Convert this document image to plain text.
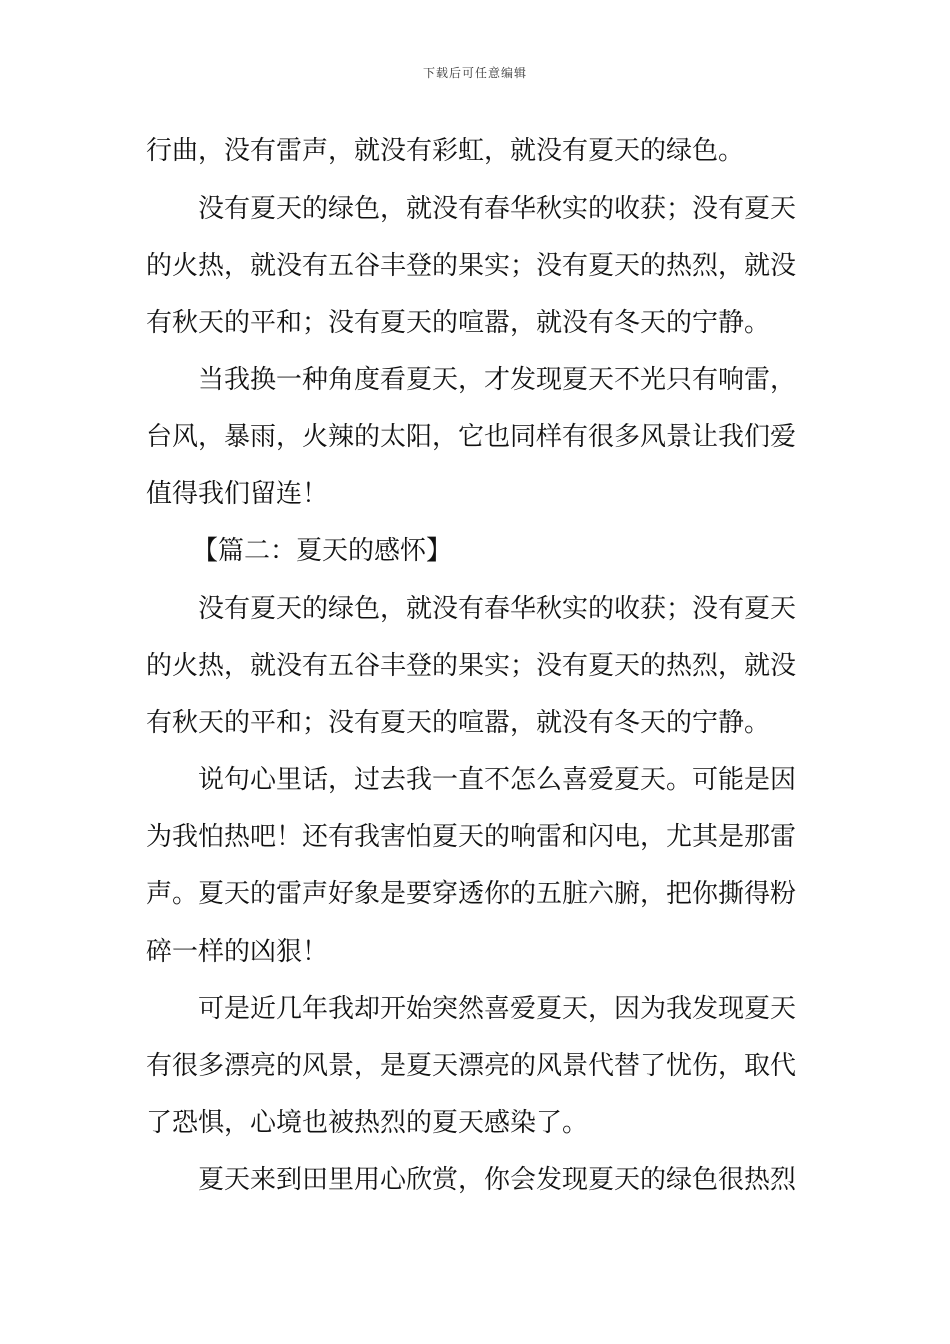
下载后可任意编辑
行曲，没有雷声，就没有彩虹，就没有夏天的绿色。
没有夏天的绿色，就没有春华秋实的收获；没有夏天
的火热，就没有五谷丰登的果实；没有夏天的热烈，就没
有秋天的平和；没有夏天的喧嚣，就没有冬天的宁静。
当我换一种角度看夏天，才发现夏天不光只有响雷，
台风，暴雨，火辣的太阳，它也同样有很多风景让我们爱
值得我们留连！
【篇二：夏天的感怀】
没有夏天的绿色，就没有春华秋实的收获；没有夏天
的火热，就没有五谷丰登的果实；没有夏天的热烈，就没
有秋天的平和；没有夏天的喧嚣，就没有冬天的宁静。
说句心里话，过去我一直不怎么喜爱夏天。可能是因
为我怕热吧！还有我害怕夏天的响雷和闪电，尤其是那雷
声。夏天的雷声好象是要穿透你的五脏六腑，把你撕得粉
碎一样的凶狠！
可是近几年我却开始突然喜爱夏天，因为我发现夏天
有很多漂亮的风景，是夏天漂亮的风景代替了忧伤，取代
了恐惧，心境也被热烈的夏天感染了。
夏天来到田里用心欣赏，你会发现夏天的绿色很热烈
